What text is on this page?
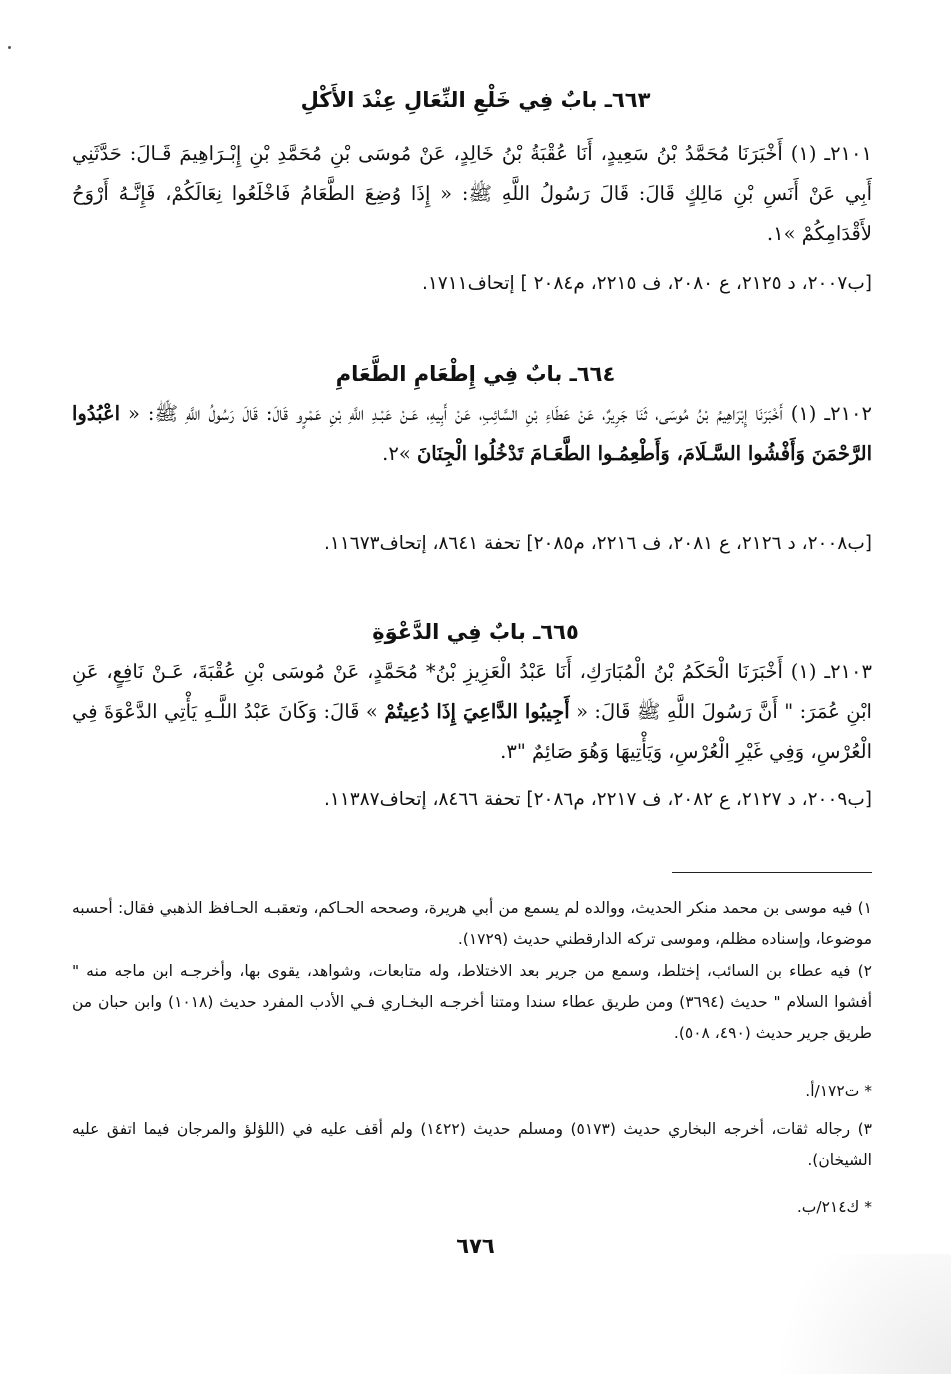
٦٦٣ـ بابٌ فِي خَلْعِ النِّعَالِ عِنْدَ الأَكْلِ
٢١٠١ـ (١) أَخْبَرَنَا مُحَمَّدُ بْنُ سَعِيدٍ، أَنَا عُقْبَةُ بْنُ خَالِدٍ، عَنْ مُوسَى بْنِ مُحَمَّدِ بْنِ إِبْـرَاهِيمَ قَـالَ: حَدَّثَنِي أَبِي عَنْ أَنَسِ بْنِ مَالِكٍ قَالَ: قَالَ رَسُولُ اللَّهِ ﷺ: « إِذَا وُضِعَ الطَّعَامُ فَاخْلَعُوا نِعَالَكُمْ، فَإِنَّـهُ أَرْوَحُ لأَقْدَامِكُمْ »١.
[ب٢٠٠٧، د ٢١٢٥، ع ٢٠٨٠، ف ٢٢١٥، م٢٠٨٤ ] إتحاف١٧١١.
٦٦٤ـ بابٌ فِي إِطْعَامِ الطَّعَامِ
٢١٠٢ـ (١) أَخْبَرَنَا إِبْرَاهِيمُ بْنُ مُوسَى، ثَنَا جَرِيرٌ، عَنْ عَطَاءِ بْنِ السَّائِبِ، عَنْ أَبِيهِ، عَـنْ عَبْـدِ اللَّهِ بْنِ عَمْرٍو قَالَ: قَالَ رَسُولُ اللَّهِ ﷺ: « اعْبُدُوا الرَّحْمَنَ وَأَفْشُوا السَّـلَامَ، وَأَطْعِمُـوا الطَّعَـامَ تَدْخُلُوا الْجِنَانَ »٢.
[ب٢٠٠٨، د ٢١٢٦، ع ٢٠٨١، ف ٢٢١٦، م٢٠٨٥] تحفة ٨٦٤١، إتحاف١١٦٧٣.
٦٦٥ـ بابٌ فِي الدَّعْوَةِ
٢١٠٣ـ (١) أَخْبَرَنَا الْحَكَمُ بْنُ الْمُبَارَكِ، أَنَا عَبْدُ الْعَزِيزِ بْنُ* مُحَمَّدٍ، عَنْ مُوسَى بْنِ عُقْبَةَ، عَـنْ نَافِعٍ، عَنِ ابْنِ عُمَرَ: " أَنَّ رَسُولَ اللَّهِ ﷺ قَالَ: « أَجِيبُوا الدَّاعِيَ إِذَا دُعِيتُمْ » قَالَ: وَكَانَ عَبْدُ اللَّـهِ يَأْتِي الدَّعْوَةَ فِي الْعُرْسِ، وَفِي غَيْرِ الْعُرْسِ، وَيَأْتِيهَا وَهُوَ صَائِمٌ "٣.
[ب٢٠٠٩، د ٢١٢٧، ع ٢٠٨٢، ف ٢٢١٧، م٢٠٨٦] تحفة ٨٤٦٦، إتحاف١١٣٨٧.
١) فيه موسى بن محمد منكر الحديث، ووالده لم يسمع من أبي هريرة، وصححه الحـاكم، وتعقبـه الحـافظ الذهبي فقال: أحسبه موضوعا، وإسناده مظلم، وموسى تركه الدارقطني حديث (١٧٢٩).
٢) فيه عطاء بن السائب، إختلط، وسمع من جرير بعد الاختلاط، وله متابعات، وشواهد، يقوى بها، وأخرجـه ابن ماجه منه " أفشوا السلام " حديث (٣٦٩٤) ومن طريق عطاء سندا ومتنا أخرجـه البخـاري فـي الأدب المفرد حديث (١٠١٨) وابن حبان من طريق جرير حديث (٤٩٠، ٥٠٨).
* ت١٧٢/أ.
٣) رجاله ثقات، أخرجه البخاري حديث (٥١٧٣) ومسلم حديث (١٤٢٢) ولم أقف عليه في (اللؤلؤ والمرجان فيما اتفق عليه الشيخان).
* ك٢١٤/ب.
٦٧٦
